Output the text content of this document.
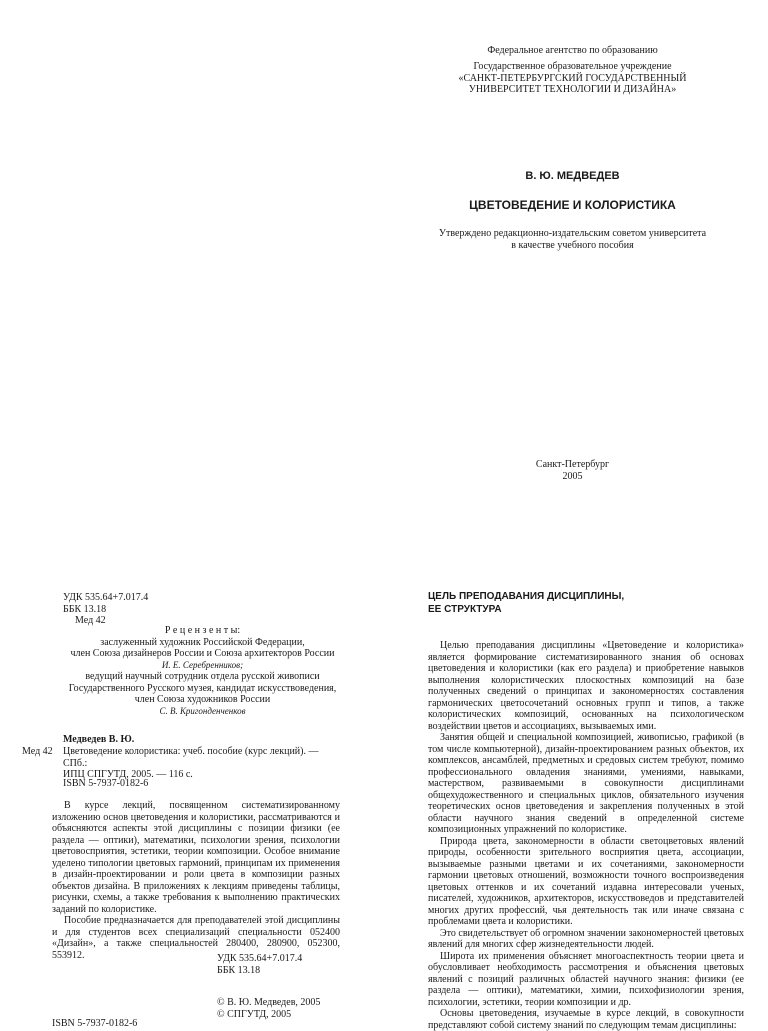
Федеральное агентство по образованию
Государственное образовательное учреждение
«САНКТ-ПЕТЕРБУРГСКИЙ ГОСУДАРСТВЕННЫЙ
УНИВЕРСИТЕТ ТЕХНОЛОГИИ И ДИЗАЙНА»
В. Ю. МЕДВЕДЕВ
ЦВЕТОВЕДЕНИЕ И КОЛОРИСТИКА
Утверждено редакционно-издательским советом университета
в качестве учебного пособия
Санкт-Петербург
2005
УДК 535.64+7.017.4
ББК 13.18
Мед 42
Р е ц е н з е н т ы:
заслуженный художник Российской Федерации,
член Союза дизайнеров России и Союза архитекторов России
И. Е. Серебренников;
ведущий научный сотрудник отдела русской живописи
Государственного Русского музея, кандидат искусствоведения,
член Союза художников России
С. В. Кригонденченков
Медведев В. Ю.
Мед 42 Цветоведение колористика: учеб. пособие (курс лекций). — СПб.:
ИПЦ СПГУТД, 2005. — 116 с.
ISBN 5-7937-0182-6

В курсе лекций, посвященном систематизированному изложению основ цветоведения и колористики, рассматриваются и объясняются аспекты этой дисциплины с позиции физики (ее раздела — оптики), математики, психологии зрения, психологии цветовосприятия, эстетики, теории композиции. Особое внимание уделено типологии цветовых гармоний, принципам их применения в дизайн-проектировании и роли цвета в композиции разных объектов дизайна. В приложениях к лекциям приведены таблицы, рисунки, схемы, а также требования к выполнению практических заданий по колористике.

Пособие предназначается для преподавателей этой дисциплины и для студентов всех специализаций специальности 052400 «Дизайн», а также специальностей 280400, 280900, 052300, 553912.	УДК 535.64+7.017.4
ББК 13.18
© В. Ю. Медведев, 2005
© СПГУТД, 2005
ISBN 5-7937-0182-6
ЦЕЛЬ ПРЕПОДАВАНИЯ ДИСЦИПЛИНЫ,
ЕЕ СТРУКТУРА

Целью преподавания дисциплины «Цветоведение и колористика» является формирование систематизированного знания об основах цветоведения и колористики (как его раздела) и приобретение навыков выполнения колористических плоскостных композиций на базе полученных сведений о принципах и закономерностях составления гармонических цветосочетаний основных групп и типов, а также колористических композиций, основанных на психологическом воздействии цветов и ассоциациях, вызываемых ими.

Занятия общей и специальной композицией, живописью, графикой (в том числе компьютерной), дизайн-проектированием разных объектов, их комплексов, ансамблей, предметных и средовых систем требуют, помимо профессионального овладения знаниями, умениями, навыками, мастерством, развиваемыми в совокупности дисциплинами общехудожественного и специальных циклов, обязательного изучения теоретических основ цветоведения и закрепления полученных в этой области научного знания сведений в определенной системе композиционных упражнений по колористике.

Природа цвета, закономерности в области светоцветовых явлений природы, особенности зрительного восприятия цвета, ассоциации, вызываемые разными цветами и их сочетаниями, закономерности гармонии цветовых отношений, возможности точного воспроизведения цветовых оттенков и их сочетаний издавна интересовали ученых, писателей, художников, архитекторов, искусствоведов и представителей многих других профессий, чья деятельность так или иначе связана с проблемами цвета и колористики.

Это свидетельствует об огромном значении закономерностей цветовых явлений для многих сфер жизнедеятельности людей.

Широта их применения объясняет многоаспектность теории цвета и обусловливает необходимость рассмотрения и объяснения цветовых явлений с позиций различных областей научного знания: физики (ее раздела — оптики), математики, химии, психофизиологии зрения, психологии, эстетики, теории композиции и др.

Основы цветоведения, изучаемые в курсе лекций, в совокупности представляют собой систему знаний по следующим темам дисциплины:
